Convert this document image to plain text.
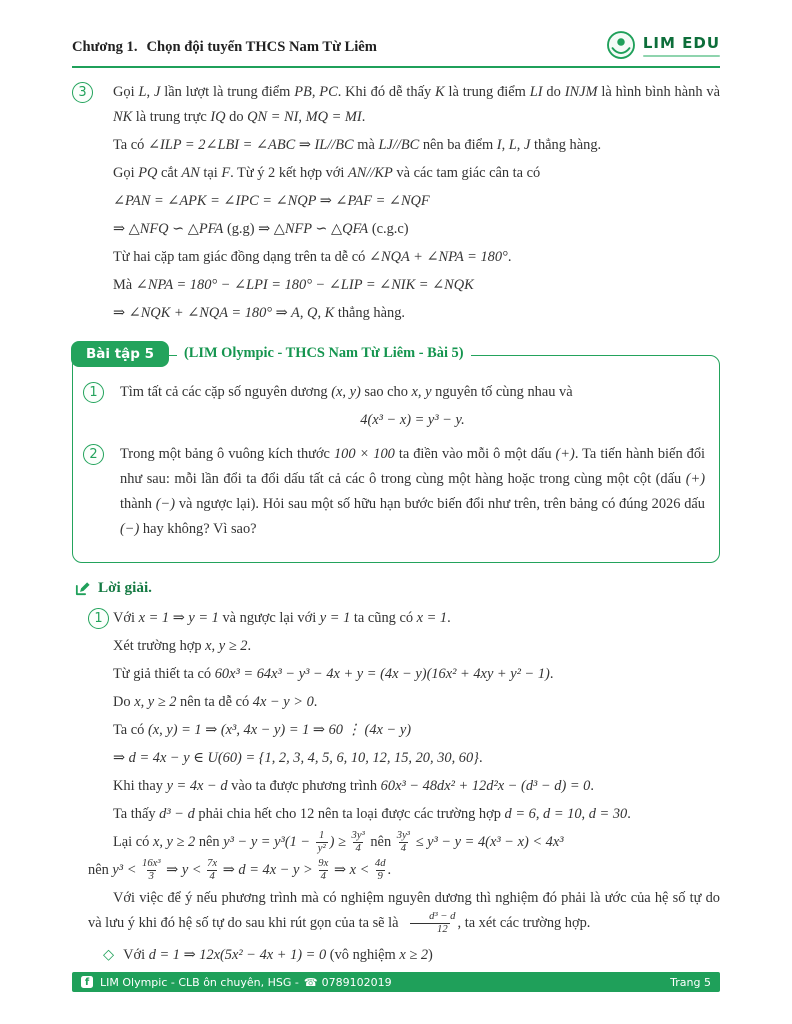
Chương 1. Chọn đội tuyển THCS Nam Từ Liêm	LIM EDU
3	Gọi L, J lần lượt là trung điểm PB, PC. Khi đó dễ thấy K là trung điểm LI do INJM là hình bình hành và NK là trung trực IQ do QN = NI, MQ = MI.

Ta có ∠ILP = 2∠LBI = ∠ABC ⇒ IL//BC mà LJ//BC nên ba điểm I, L, J thẳng hàng.

Gọi PQ cắt AN tại F. Từ ý 2 kết hợp với AN//KP và các tam giác cân ta có

∠PAN = ∠APK = ∠IPC = ∠NQP ⇒ ∠PAF = ∠NQF

⇒ △NFQ ∽ △PFA (g.g) ⇒ △NFP ∽ △QFA (c.g.c)

Từ hai cặp tam giác đồng dạng trên ta dễ có ∠NQA + ∠NPA = 180°.

Mà ∠NPA = 180° − ∠LPI = 180° − ∠LIP = ∠NIK = ∠NQK

⇒ ∠NQK + ∠NQA = 180° ⇒ A, Q, K thẳng hàng.

Bài tập 5	(LIM Olympic - THCS Nam Từ Liêm - Bài 5)
1	Tìm tất cả các cặp số nguyên dương (x, y) sao cho x, y nguyên tố cùng nhau và

4(x³ − x) = y³ − y.

2	Trong một bảng ô vuông kích thước 100 × 100 ta điền vào mỗi ô một dấu (+). Ta tiến hành biến đổi như sau: mỗi lần đổi ta đổi dấu tất cả các ô trong cùng một hàng hoặc trong cùng một cột (dấu (+) thành (−) và ngược lại). Hỏi sau một số hữu hạn bước biến đổi như trên, trên bảng có đúng 2026 dấu (−) hay không? Vì sao?

Lời giải.
1 Với x = 1 ⇒ y = 1 và ngược lại với y = 1 ta cũng có x = 1.
Xét trường hợp x, y ≥ 2.
Từ giả thiết ta có 60x³ = 64x³ − y³ − 4x + y = (4x − y)(16x² + 4xy + y² − 1).
Do x, y ≥ 2 nên ta dễ có 4x − y > 0.
Ta có (x, y) = 1 ⇒ (x³, 4x − y) = 1 ⇒ 60 ⋮ (4x − y)
⇒ d = 4x − y ∈ U(60) = {1, 2, 3, 4, 5, 6, 10, 12, 15, 20, 30, 60}.
Khi thay y = 4x − d vào ta được phương trình 60x³ − 48dx² + 12d²x − (d³ − d) = 0.
Ta thấy d³ − d phải chia hết cho 12 nên ta loại được các trường hợp d = 6, d = 10, d = 30.
Lại có x, y ≥ 2 nên $y^3 - y = y^3(1 - \frac{1}{\text{y²}}$ ) ≥ $\frac{\text{3y³}}{4}$ nên $\frac{\text{3y³}}{4} \le y^3 - y = 4(x^3 - x) < 4x^3$
nên $y^3 < \frac{\text{16x³}}{3}$ ⇒ $y < \frac{7x}{4}$ ⇒ $d = 4x - y > \frac{9x}{4}$ ⇒ $x < \frac{4d}{9}$ .
Với việc để ý nếu phương trình mà có nghiệm nguyên dương thì nghiệm đó phải là ước của hệ số tự do và lưu ý khi đó hệ số tự do sau khi rút gọn của ta sẽ là $\frac{\text{d³ − d}}{12}$ , ta xét các trường hợp.
◇ Với d = 1 ⇒ 12x(5x² − 4x + 1) = 0 (vô nghiệm x ≥ 2)
f LIM Olympic - CLB ôn chuyên, HSG - ☎ 0789102019	Trang 5
